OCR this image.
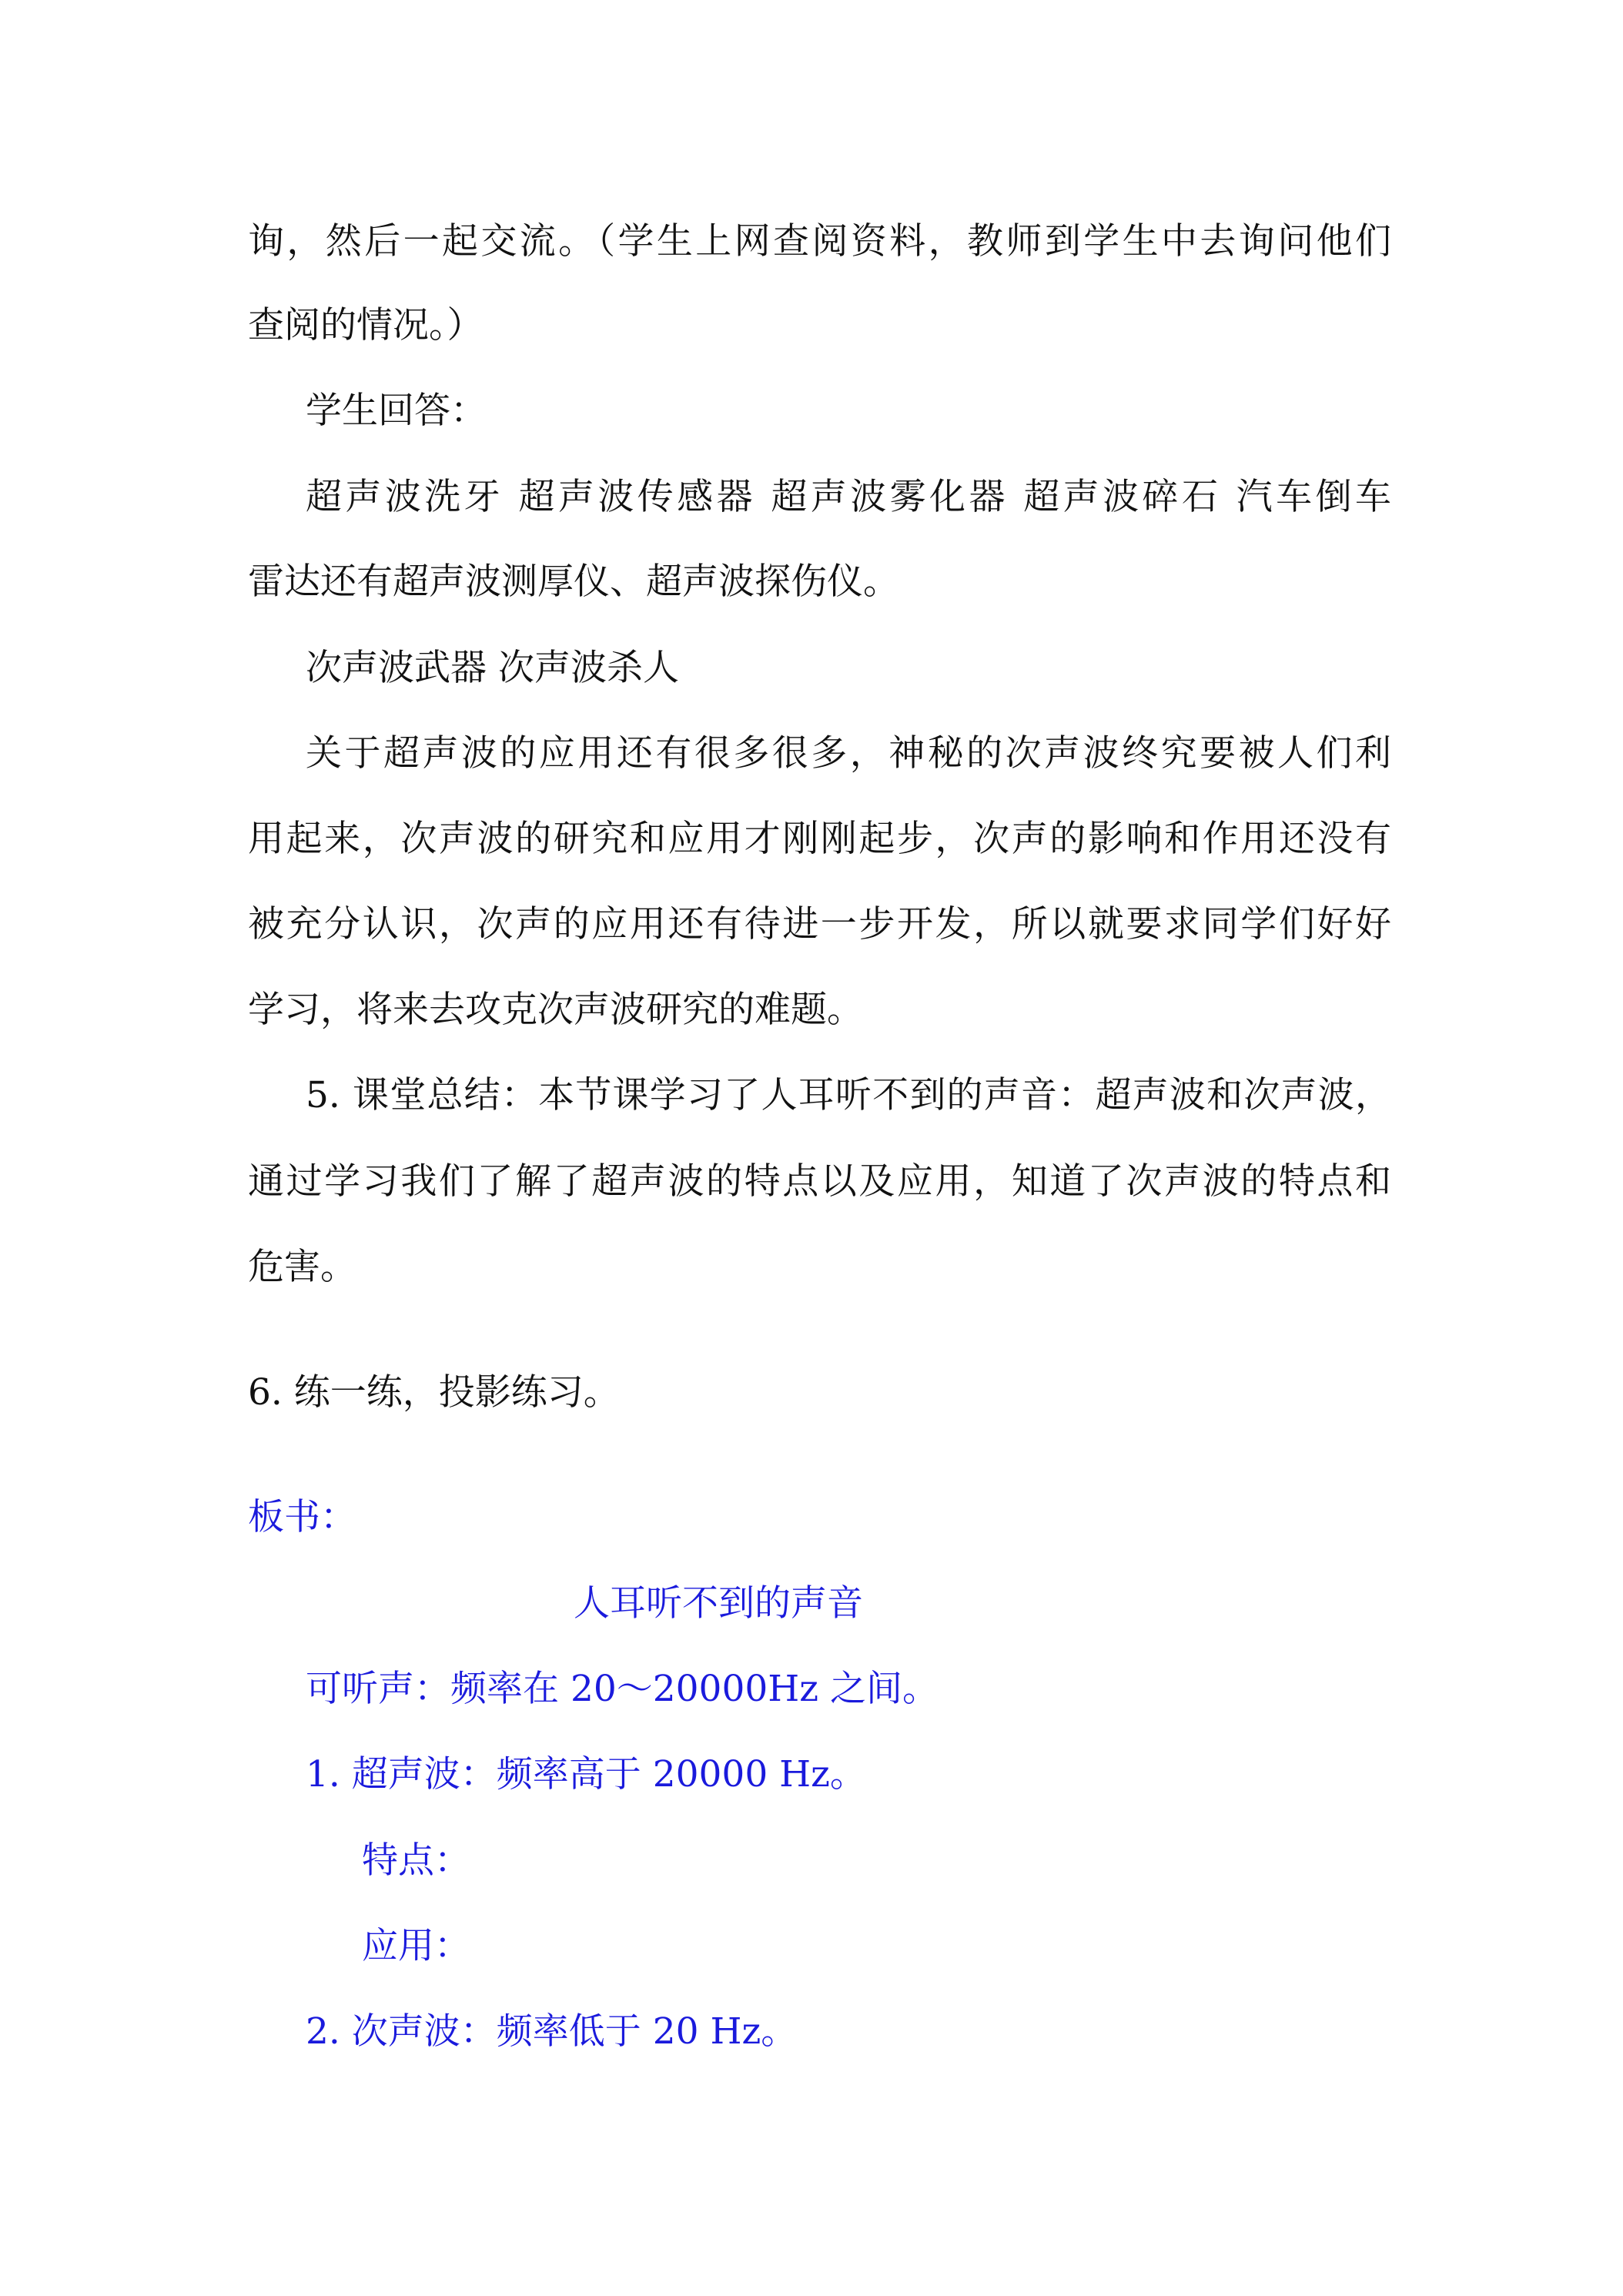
询，然后一起交流。（学生上网查阅资料，教师到学生中去询问他们

查阅的情况。）

学生回答：

超声波洗牙 超声波传感器 超声波雾化器 超声波碎石 汽车倒车

雷达还有超声波测厚仪、超声波探伤仪。

次声波武器 次声波杀人

关于超声波的应用还有很多很多，神秘的次声波终究要被人们利

用起来，次声波的研究和应用才刚刚起步，次声的影响和作用还没有

被充分认识，次声的应用还有待进一步开发，所以就要求同学们好好

学习，将来去攻克次声波研究的难题。

5. 课堂总结：本节课学习了人耳听不到的声音：超声波和次声波，

通过学习我们了解了超声波的特点以及应用，知道了次声波的特点和

危害。

6. 练一练，投影练习。

板书：

人耳听不到的声音

可听声：频率在 20～20000Hz 之间。

1. 超声波：频率高于 20000 Hz。

特点：

应用：

2. 次声波：频率低于 20 Hz。
